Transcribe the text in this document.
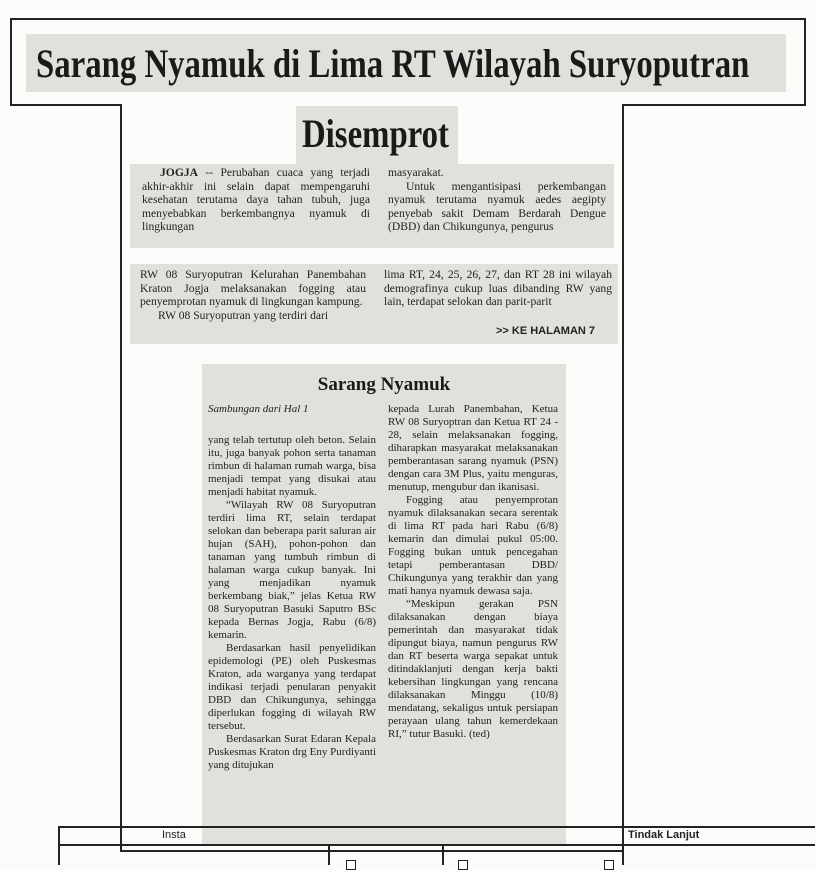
Sarang Nyamuk di Lima RT Wilayah Suryoputran
Disemprot

JOGJA -- Perubahan cuaca yang terjadi akhir-akhir ini selain dapat mempengaruhi kesehatan terutama daya tahan tubuh, juga menyebabkan berkembangnya nyamuk di lingkungan

masyarakat.

Untuk mengantisipasi perkembangan nyamuk terutama nyamuk aedes aegipty penyebab sakit Demam Berdarah Dengue (DBD) dan Chikungunya, pengurus

RW 08 Suryoputran Kelurahan Panembahan Kraton Jogja melaksanakan fogging atau penyemprotan nyamuk di lingkungan kampung.

RW 08 Suryoputran yang terdiri dari

lima RT, 24, 25, 26, 27, dan RT 28 ini wilayah demografinya cukup luas dibanding RW yang lain, terdapat selokan dan parit-parit

>> KE HALAMAN 7
Sarang Nyamuk

Sambungan dari Hal 1

yang telah tertutup oleh beton. Selain itu, juga banyak pohon serta tanaman rimbun di halaman rumah warga, bisa menjadi tempat yang disukai atau menjadi habitat nyamuk.

“Wilayah RW 08 Suryoputran terdiri lima RT, selain terdapat selokan dan beberapa parit saluran air hujan (SAH), pohon-pohon dan tanaman yang tumbuh rimbun di halaman warga cukup banyak. Ini yang menjadikan nyamuk berkembang biak,” jelas Ketua RW 08 Suryoputran Basuki Saputro BSc kepada Bernas Jogja, Rabu (6/8) kemarin.

Berdasarkan hasil penyelidikan epidemologi (PE) oleh Puskesmas Kraton, ada warganya yang terdapat indikasi terjadi penularan penyakit DBD dan Chikungunya, sehingga diperlukan fogging di wilayah RW tersebut.

Berdasarkan Surat Edaran Kepala Puskesmas Kraton drg Eny Purdiyanti yang ditujukan

kepada Lurah Panembahan, Ketua RW 08 Suryoptran dan Ketua RT 24 - 28, selain melaksanakan fogging, diharapkan masyarakat melaksanakan pemberantasan sarang nyamuk (PSN) dengan cara 3M Plus, yaitu menguras, menutup, mengubur dan ikanisasi.

Fogging atau penyemprotan nyamuk dilaksanakan secara serentak di lima RT pada hari Rabu (6/8) kemarin dan dimulai pukul 05:00. Fogging bukan untuk pencegahan tetapi pemberantasan DBD/ Chikungunya yang terakhir dan yang mati hanya nyamuk dewasa saja.

“Meskipun gerakan PSN dilaksanakan dengan biaya pemerintah dan masyarakat tidak dipungut biaya, namun pengurus RW dan RT beserta warga sepakat untuk ditindaklanjuti dengan kerja bakti kebersihan lingkungan yang rencana dilaksanakan Minggu (10/8) mendatang, sekaligus untuk persiapan perayaan ulang tahun kemerdekaan RI,” tutur Basuki. (ted)

Insta	Tindak Lanjut
